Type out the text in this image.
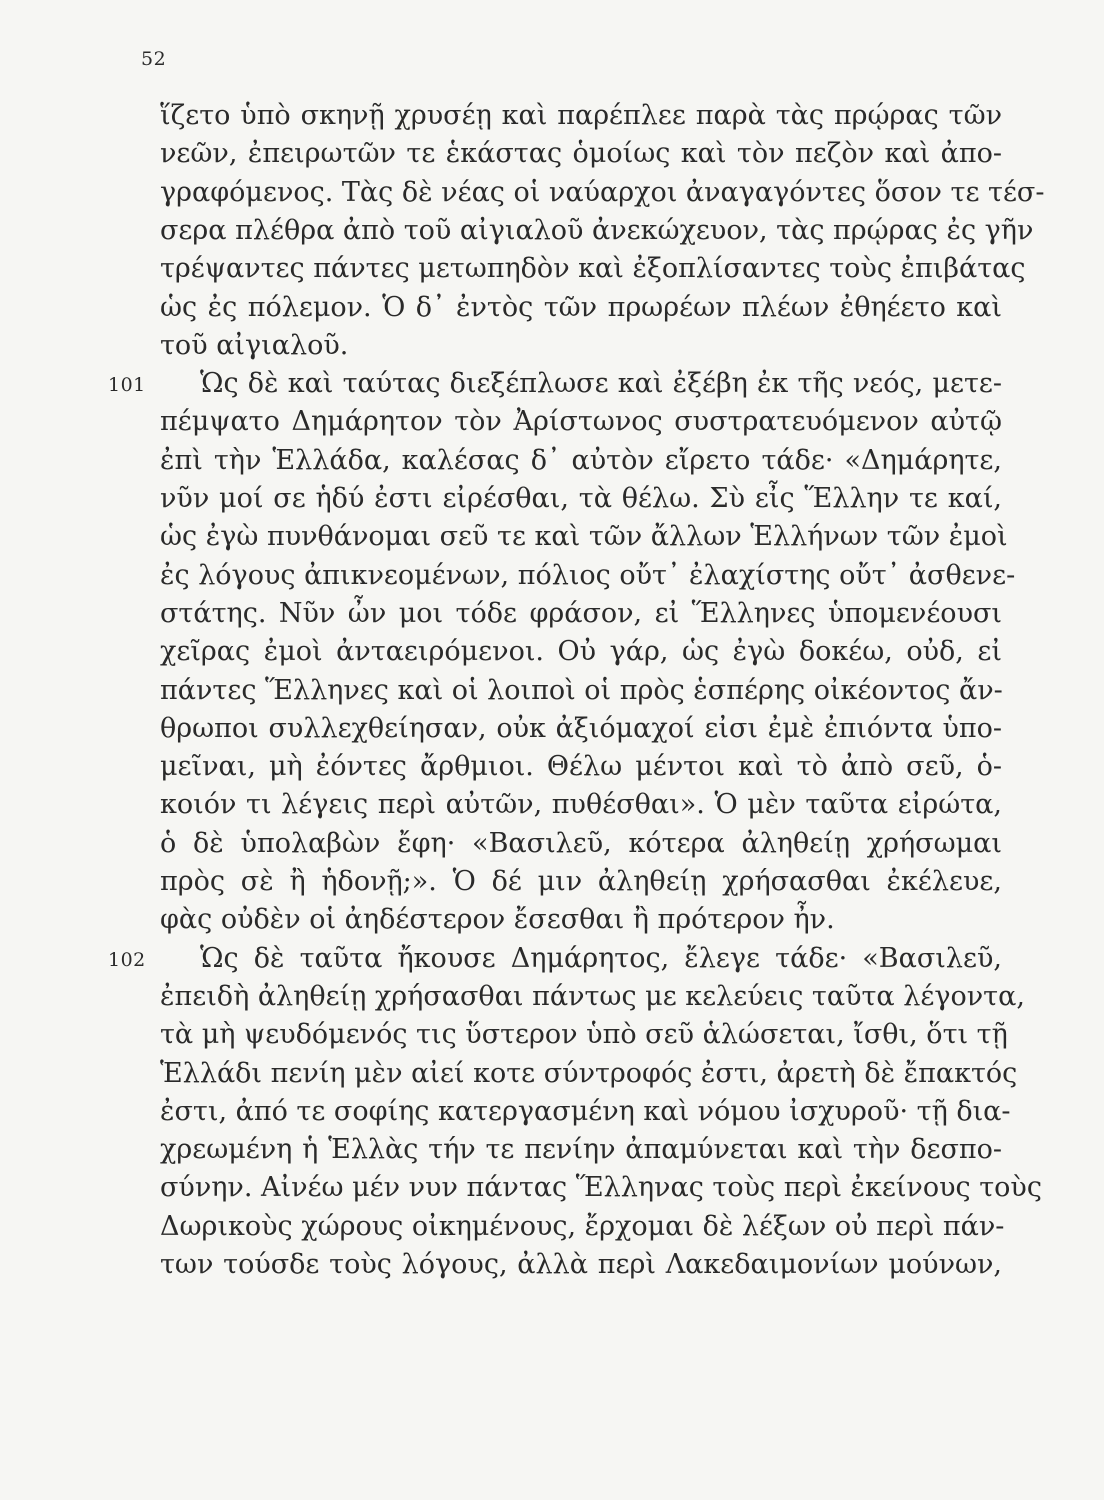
52
ἵζετο ὑπὸ σκηνῇ χρυσέῃ καὶ παρέπλεε παρὰ τὰς πρῴρας τῶν
νεῶν, ἐπειρωτῶν τε ἑκάστας ὁμοίως καὶ τὸν πεζὸν καὶ ἀπο-
γραφόμενος. Τὰς δὲ νέας οἱ ναύαρχοι ἀναγαγόντες ὅσον τε τέσ-
σερα πλέθρα ἀπὸ τοῦ αἰγιαλοῦ ἀνεκώχευον, τὰς πρῴρας ἐς γῆν
τρέψαντες πάντες μετωπηδὸν καὶ ἐξοπλίσαντες τοὺς ἐπιβάτας
ὡς ἐς πόλεμον. Ὁ δ᾽ ἐντὸς τῶν πρωρέων πλέων ἐθηέετο καὶ
τοῦ αἰγιαλοῦ.
Ὡς δὲ καὶ ταύτας διεξέπλωσε καὶ ἐξέβη ἐκ τῆς νεός, μετε-
πέμψατο Δημάρητον τὸν Ἀρίστωνος συστρατευόμενον αὐτῷ
ἐπὶ τὴν Ἑλλάδα, καλέσας δ᾽ αὐτὸν εἴρετο τάδε· «Δημάρητε,
νῦν μοί σε ἡδύ ἐστι εἰρέσθαι, τὰ θέλω. Σὺ εἶς Ἕλλην τε καί,
ὡς ἐγὼ πυνθάνομαι σεῦ τε καὶ τῶν ἄλλων Ἑλλήνων τῶν ἐμοὶ
ἐς λόγους ἀπικνεομένων, πόλιος οὔτ᾽ ἐλαχίστης οὔτ᾽ ἀσθενε-
στάτης. Νῦν ὦν μοι τόδε φράσον, εἰ Ἕλληνες ὑπομενέουσι
χεῖρας ἐμοὶ ἀνταειρόμενοι. Οὐ γάρ, ὡς ἐγὼ δοκέω, οὐδ, εἰ
πάντες Ἕλληνες καὶ οἱ λοιποὶ οἱ πρὸς ἑσπέρης οἰκέοντος ἄν-
θρωποι συλλεχθείησαν, οὐκ ἀξιόμαχοί εἰσι ἐμὲ ἐπιόντα ὑπο-
μεῖναι, μὴ ἐόντες ἄρθμιοι. Θέλω μέντοι καὶ τὸ ἀπὸ σεῦ, ὁ-
κοιόν τι λέγεις περὶ αὐτῶν, πυθέσθαι». Ὁ μὲν ταῦτα εἰρώτα,
ὁ δὲ ὑπολαβὼν ἔφη· «Βασιλεῦ, κότερα ἀληθείῃ χρήσωμαι
πρὸς σὲ ἢ ἡδονῇ;». Ὁ δέ μιν ἀληθείῃ χρήσασθαι ἐκέλευε,
φὰς οὐδὲν οἱ ἀηδέστερον ἔσεσθαι ἢ πρότερον ἦν.
Ὡς δὲ ταῦτα ἤκουσε Δημάρητος, ἔλεγε τάδε· «Βασιλεῦ,
ἐπειδὴ ἀληθείῃ χρήσασθαι πάντως με κελεύεις ταῦτα λέγοντα,
τὰ μὴ ψευδόμενός τις ὕστερον ὑπὸ σεῦ ἁλώσεται, ἴσθι, ὅτι τῇ
Ἑλλάδι πενίη μὲν αἰεί κοτε σύντροφός ἐστι, ἀρετὴ δὲ ἔπακτός
ἐστι, ἀπό τε σοφίης κατεργασμένη καὶ νόμου ἰσχυροῦ· τῇ δια-
χρεωμένη ἡ Ἑλλὰς τήν τε πενίην ἀπαμύνεται καὶ τὴν δεσπο-
σύνην. Αἰνέω μέν νυν πάντας Ἕλληνας τοὺς περὶ ἐκείνους τοὺς
Δωρικοὺς χώρους οἰκημένους, ἔρχομαι δὲ λέξων οὐ περὶ πάν-
των τούσδε τοὺς λόγους, ἀλλὰ περὶ Λακεδαιμονίων μούνων,
101
102
